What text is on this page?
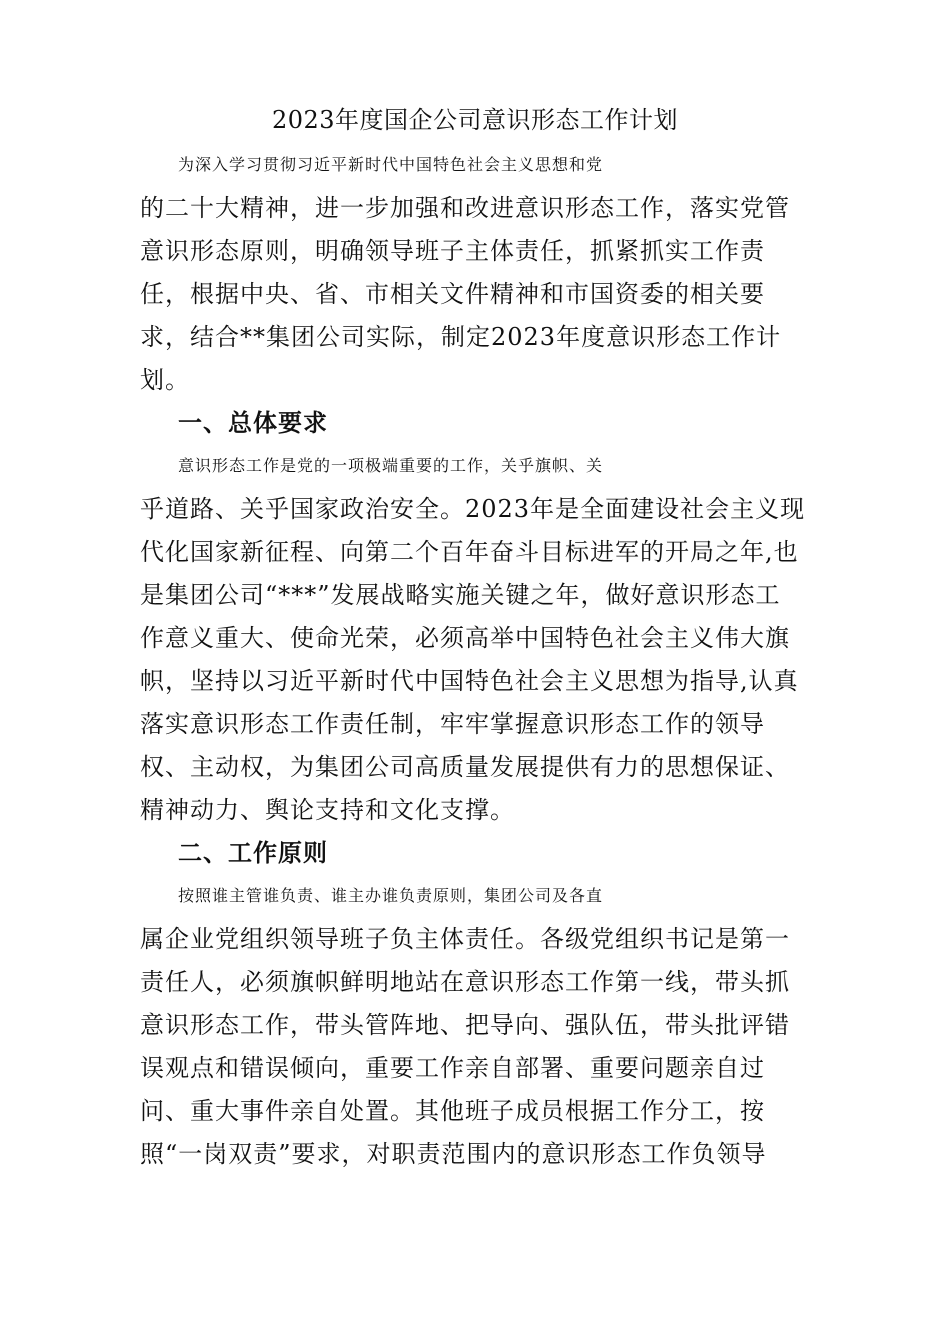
2023年度国企公司意识形态工作计划
为深入学习贯彻习近平新时代中国特色社会主义思想和党
的二十大精神，进一步加强和改进意识形态工作，落实党管
意识形态原则，明确领导班子主体责任，抓紧抓实工作责
任，根据中央、省、市相关文件精神和市国资委的相关要
求，结合**集团公司实际，制定2023年度意识形态工作计
划。
一、总体要求
意识形态工作是党的一项极端重要的工作，关乎旗帜、关
乎道路、关乎国家政治安全。2023年是全面建设社会主义现
代化国家新征程、向第二个百年奋斗目标进军的开局之年,也
是集团公司“***”发展战略实施关键之年，做好意识形态工
作意义重大、使命光荣，必须高举中国特色社会主义伟大旗
帜，坚持以习近平新时代中国特色社会主义思想为指导,认真
落实意识形态工作责任制，牢牢掌握意识形态工作的领导
权、主动权，为集团公司高质量发展提供有力的思想保证、
精神动力、舆论支持和文化支撑。
二、工作原则
按照谁主管谁负责、谁主办谁负责原则，集团公司及各直
属企业党组织领导班子负主体责任。各级党组织书记是第一
责任人，必须旗帜鲜明地站在意识形态工作第一线，带头抓
意识形态工作，带头管阵地、把导向、强队伍，带头批评错
误观点和错误倾向，重要工作亲自部署、重要问题亲自过
问、重大事件亲自处置。其他班子成员根据工作分工，按
照“一岗双责”要求，对职责范围内的意识形态工作负领导
